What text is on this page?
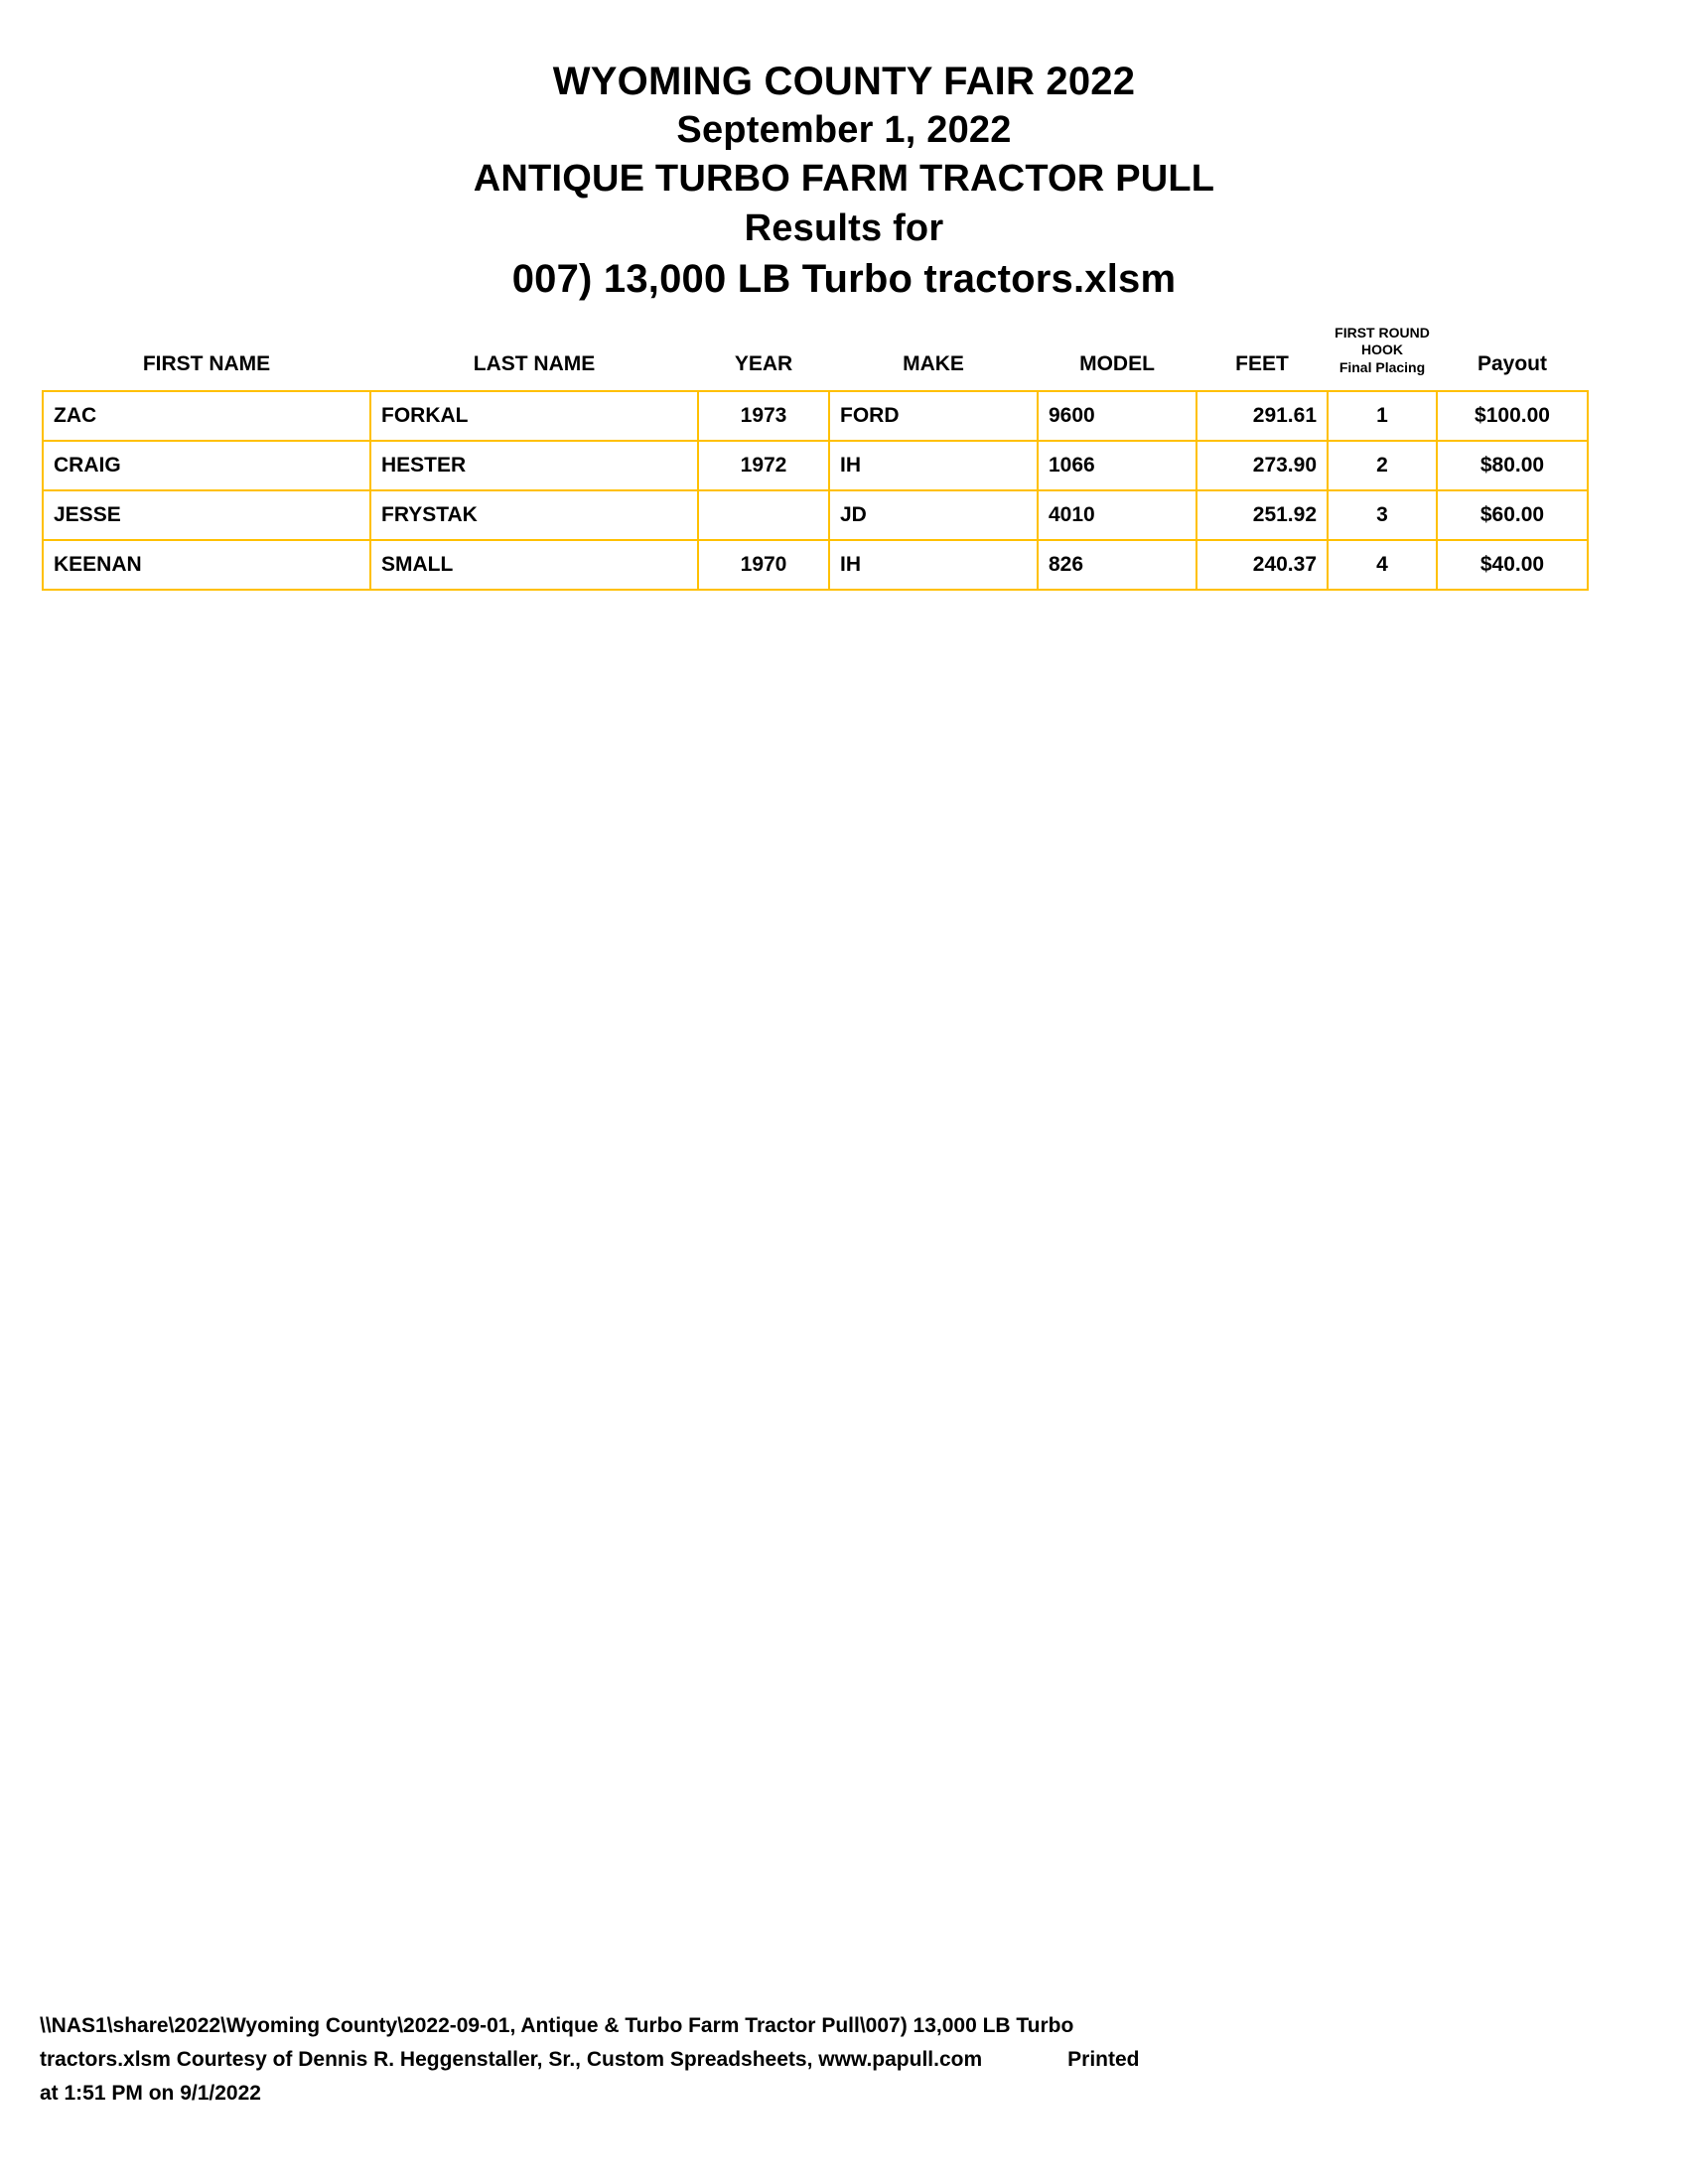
WYOMING COUNTY FAIR 2022
September 1, 2022
ANTIQUE TURBO FARM TRACTOR PULL
Results for
007) 13,000 LB Turbo tractors.xlsm
FIRST NAME	LAST NAME	YEAR	MAKE	MODEL	FEET	FIRST ROUND
HOOK
Final Placing	Payout
ZAC	FORKAL	1973	FORD	9600	291.61	1	$100.00
CRAIG	HESTER	1972	IH	1066	273.90	2	$80.00
JESSE	FRYSTAK		JD	4010	251.92	3	$60.00
KEENAN	SMALL	1970	IH	826	240.37	4	$40.00
\\NAS1\share\2022\Wyoming County\2022-09-01, Antique & Turbo Farm Tractor Pull\007) 13,000 LB Turbo
tractors.xlsm Courtesy of Dennis R. Heggenstaller, Sr., Custom Spreadsheets, www.papull.com	Printed
at 1:51 PM on 9/1/2022
